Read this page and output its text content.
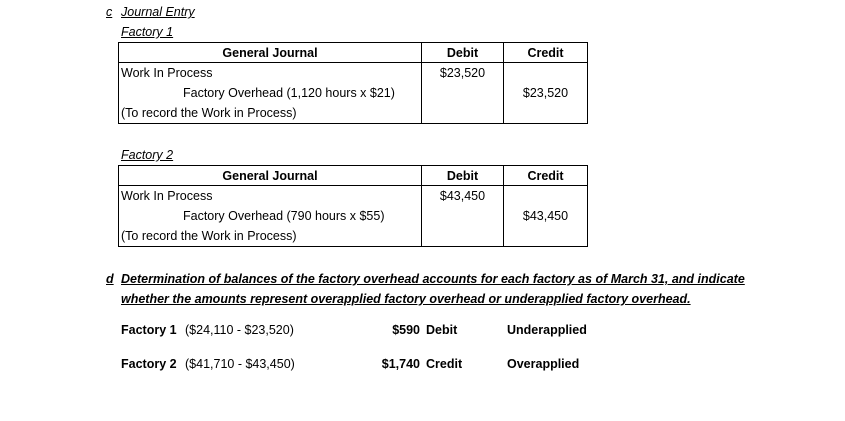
c Journal Entry
Factory 1
General Journal	Debit	Credit
Work In Process	$23,520	
Factory Overhead (1,120 hours x $21)		$23,520
(To record the Work in Process)		
Factory 2
General Journal	Debit	Credit
Work In Process	$43,450	
Factory Overhead (790 hours x $55)		$43,450
(To record the Work in Process)		
d Determination of balances of the factory overhead accounts for each factory as of March 31, and indicate
whether the amounts represent overapplied factory overhead or underapplied factory overhead.
Factory 1 ($24,110 - $23,520)	$590 Debit	Underapplied
Factory 2 ($41,710 - $43,450)	$1,740 Credit	Overapplied
